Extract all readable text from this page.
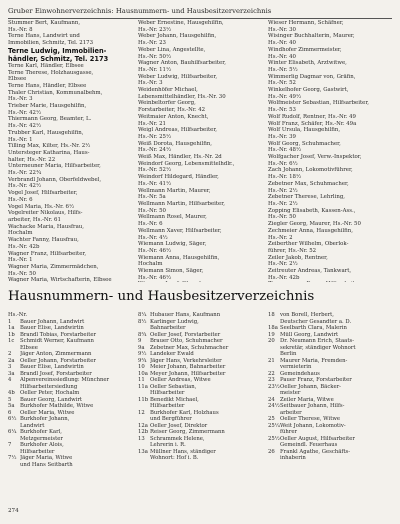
Gruber Einwohnerverzeichnis: Hausnummern- und Hausbesitzerverzeichnis
Stummer Bert, Kaufmann,
Hs.-Nr. 8
Terne Hans, Landwirt und
Immobilien, Schmitz, Tel. 2173
Terne Ludwig, Immobilien-
händler, Schmitz, Tel. 2173
Terne Karl, Händler, Elbsee
Terne Therese, Holzhausgasse,
Elbsee
Terne Hans, Händler, Elbsee
Thaler Christian, Kommunalbehm,
Hs.-Nr. 3
Trieber Marie, Hausgehilfin,
Hs.-Nr. 42½
Thiermann Georg, Beamter, L.
Hs.-Nr. 42½
Trubber Karl, Hausgehilfin,
Hs.-Nr. 1
Tilling Max, Kilter, Hs.-Nr. 2½
Untersteger Katharina, Haus-
halter, Hs.-Nr. 22
Unterneuner Maria, Hilfsarbeiter,
Hs.-Nr. 22¾
Verbrandl Johann, Oberfeldwebel,
Hs.-Nr. 42½
Vogel Josef, Hilfsarbeiter,
Hs.-Nr. 6
Vogel Maria, Hs.-Nr. 6½
Vogelreiter Nikolaus, Hilfs-
arbeiter, Hs.-Nr. 61
Wachacke Maria, Hausfrau,
Hochalm
Wachter Fanny, Hausfrau,
Hs.-Nr. 42b
Wagner Franz, Hilfsarbeiter,
Hs.-Nr. 1
Wagner Maria, Zimmermädchen,
Hs.-Nr. 50
Wagner Maria, Wirtschafterin, Elbsee
Weber Ernestine, Hausgehilfin,
Hs.-Nr. 23½
Weber Johann, Hausgehilfin,
Hs.-Nr. 23
Weber Lina, Angestellte,
Hs.-Nr. 50½
Wagner Anton, Bauhilfsarbeiter,
Hs.-Nr. 11½
Weber Ludwig, Hilfsarbeiter,
Hs.-Nr. 3
Weidenhöfer Michael,
Lebensmittelhändler, Hs.-Nr. 30
Weinbeltorfer Georg,
Forstarbeiter, Hs.-Nr. 42
Weitmaier Anton, Knecht,
Hs.-Nr. 21
Weigl Andreas, Hilfsarbeiter,
Hs.-Nr. 25½
Weiß Dorota, Hausgehilfin,
Hs.-Nr. 24½
Weiß Max, Händler, Hs.-Nr. 2d
Weindorf Georg, Lebensmittelhdlr.,
Hs.-Nr. 52½
Weindorf Hildegard, Händler,
Hs.-Nr. 41½
Wellmann Martin, Maurer,
Hs.-Nr. 5a
Wellmann Martin, Hilfsarbeiter,
Hs.-Nr. 50
Wellmann Rosel, Maurer,
Hs.-Nr. 6
Wellmann Xaver, Hilfsarbeiter,
Hs.-Nr. 4½
Wiemann Ludwig, Säger,
Hs.-Nr. 46½
Wiemann Anna, Hausgehilfin,
Hochalm
Wiemann Simon, Säger,
Hs.-Nr. 46½
Wieser Hermann, Schäfner,
Hs.-Nr. 30
Wisinger Buchhalterin, Maurer,
Hs.-Nr. 40
Windhofer Zimmermeister,
Hs.-Nr. 40
Winter Elisabeth, Arztwitwe,
Hs.-Nr. 5½
Wimmerlig Dagmar von, Gräfin,
Hs.-Nr. 52
Winkelhofer Georg, Gastwirt,
Hs.-Nr. 49½
Wolfmeister Sebastian, Hilfsarbeiter,
Hs.-Nr. 53
Wolf Rudolf, Rentner, Hs.-Nr. 49
Wolf Franz, Schäfer, Hs.-Nr. 49a
Wolf Ursula, Hausgehilfin,
Hs.-Nr. 39
Wolf Georg, Schuhmacher,
Hs.-Nr. 48½
Wolfgacher Josef, Verw.-Inspektor,
Hs.-Nr. 6½
Zach Johann, Lokomotivführer,
Hs.-Nr. 18½
Zebetner Max, Schuhmacher,
Hs.-Nr. 2½
Zebetner Therese, Lehrling,
Hs.-Nr. 2½
Zopping Elisabeth, Kassen-Ass.,
Hs.-Nr. 50
Ziegler Georg, Maurer, Hs.-Nr. 50
Zechmeier Anna, Hausgehilfin,
Hs.-Nr. 2
Zeiberther Wilhelm, Oberlok-
führer, Hs.-Nr. 52
Zeiler Jakob, Rentner,
Hs.-Nr. 2½
Zeitreuter Andreas, Tankwart,
Hs.-Nr. 42b
Hausnummern- und Hausbesitzerverzeichnis
Hs.-Nr.
1	Bauer Johann, Landwirt
1a	Bauer Elise, Landwirtin
1b Brandl Tobias, Forstarbeiter
1c	Schmidt Werner, Kaufmann
Elbsee
2	Jäger Anton, Zimmermann
2a	Oeller Johann, Forstarbeiter
3	Bauer Elise, Landwirtin
3a	Brandl Josef, Forstarbeiter
4	Alpenvereinssiedlung: Münchner
Hilfsarbeitersiedlung
4b Oeller Peter, Hochalm
5	Bauer Georg, Landwirt
5a	Burkhofer Mathilde, Witwe
6	Oeller Maria, Witwe
6½ Burkhofer Johann,
Landwirt
6¼ Burkhofer Karl,
Metzgermeister
7	Burkhofer Alois,
Hilfsarbeiter
7½ Jäger Maria, Witwe
und Hans Seitbarth
8¼ Hubauer Hans, Kaufmann
8½ Karlinger Ludwig,
Bahnarbeiter
8¾ Oeller Josef, Forstarbeiter
9	Brauer Otto, Schuhmacher
9a	Zebetner Max, Schuhmacher
9½ Landeker Ewald
9¾ Jäger Hans, Verkehrsleiter
10 Meier Johann, Bahnarbeiter
10a Meyer Johann, Hilfsarbeiter
11 Oeller Andreas, Witwe
11a Oeller Sebastian,
Hilfsarbeiter
11b Benedikt Michael,
Hilfsarbeiter
12 Burkhofer Karl, Holzhaus
und Bergführer
12a Oeller Josef, Direktor
12b Reiser Georg, Zimmermann
13 Schrammek Helene,
Lehrerin i. R.
13a Müllner Hans, ständiger
Wohnort: Hof i. B.
18 von Borell, Herbert,
Deutscher Gesandter a. D.
18a Seelbarth Clara, Malerin
19 Müll Georg, Landwirt
20 Dr. Neumann Erich, Staats-
sekretär, ständiger Wohnort
Berlin
21 Maurer Maria, Fremden-
vermieterin
22 Gemeindehaus
23 Pauer Franz, Forstarbeiter
23½ Oeller Johann, Bäcker-
meister
24 Zeiler Maria, Witwe
24½ Seitbauer Johann, Hilfs-
arbeiter
25 Oeller Therese, Witwe
25¼ Weit Johann, Lokomotiv-
führer
25½ Oeller August, Hilfsarbeiter
Gemeindl. Feuerhaus
26 Frankl Agathe, Geschäfts-
inhaberin
274
